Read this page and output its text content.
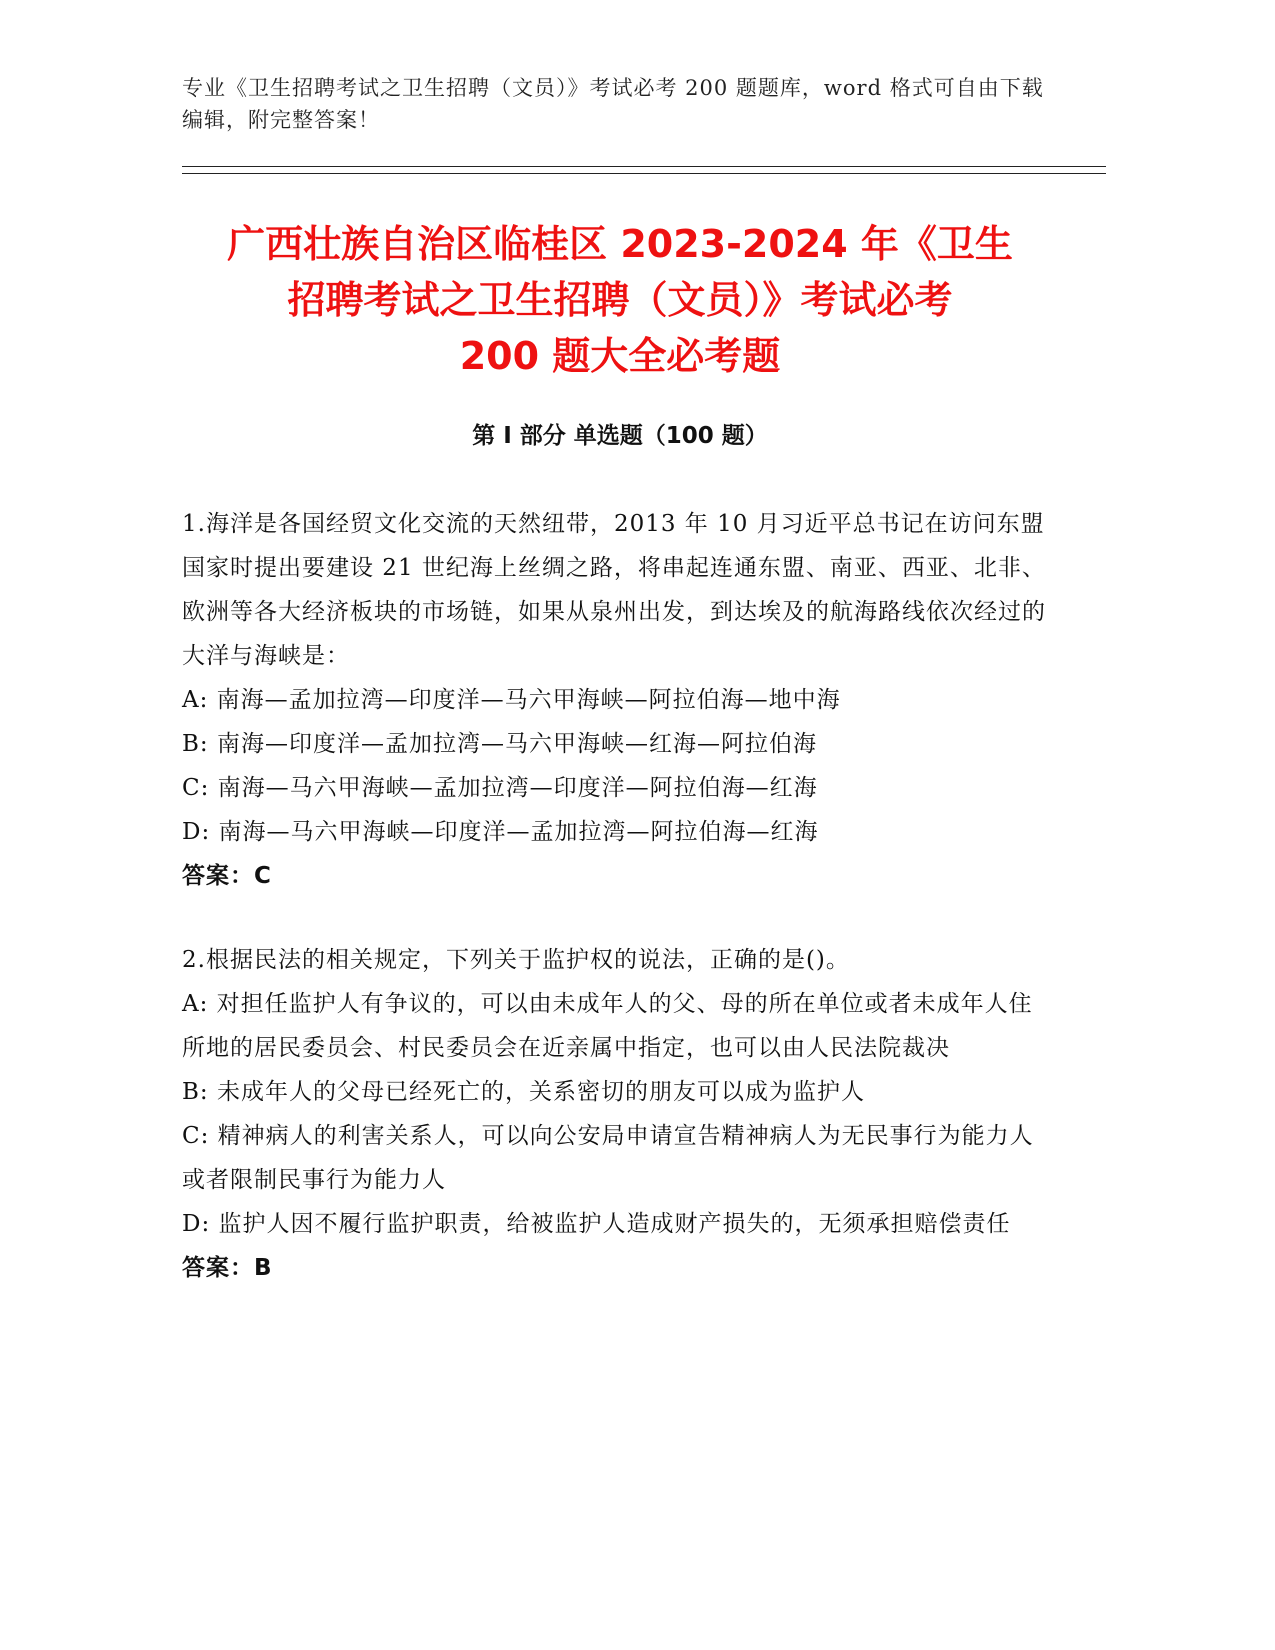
专业《卫生招聘考试之卫生招聘（文员）》考试必考 200 题题库，word 格式可自由下载编辑，附完整答案！
广西壮族自治区临桂区 2023-2024 年《卫生
招聘考试之卫生招聘（文员）》考试必考
200 题大全必考题
第 I 部分 单选题（100 题）

1.海洋是各国经贸文化交流的天然纽带，2013 年 10 月习近平总书记在访问东盟国家时提出要建设 21 世纪海上丝绸之路，将串起连通东盟、南亚、西亚、北非、欧洲等各大经济板块的市场链，如果从泉州出发，到达埃及的航海路线依次经过的大洋与海峡是：

A: 南海—孟加拉湾—印度洋—马六甲海峡—阿拉伯海—地中海

B: 南海—印度洋—孟加拉湾—马六甲海峡—红海—阿拉伯海

C: 南海—马六甲海峡—孟加拉湾—印度洋—阿拉伯海—红海

D: 南海—马六甲海峡—印度洋—孟加拉湾—阿拉伯海—红海

答案：C

2.根据民法的相关规定，下列关于监护权的说法，正确的是()。

A: 对担任监护人有争议的，可以由未成年人的父、母的所在单位或者未成年人住所地的居民委员会、村民委员会在近亲属中指定，也可以由人民法院裁决

B: 未成年人的父母已经死亡的，关系密切的朋友可以成为监护人

C: 精神病人的利害关系人，可以向公安局申请宣告精神病人为无民事行为能力人或者限制民事行为能力人

D: 监护人因不履行监护职责，给被监护人造成财产损失的，无须承担赔偿责任

答案：B
